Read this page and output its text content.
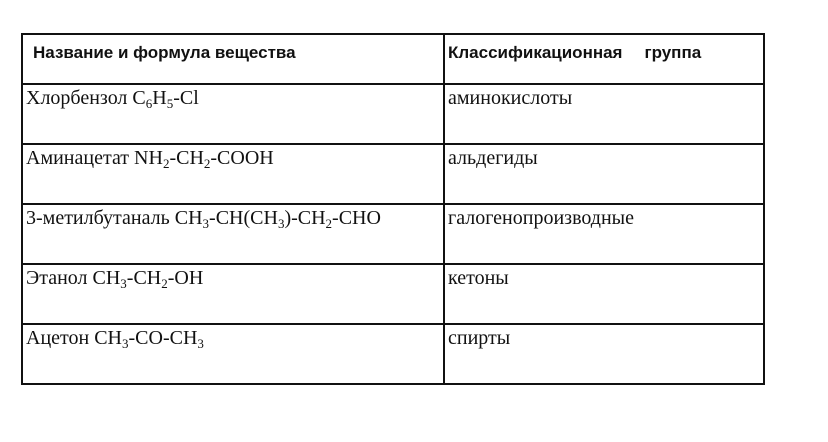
Название и формула вещества	Классификационная группа
Хлорбензол $C_6H_5-Cl$	аминокислоты
Аминацетат $NH_2-CH_2$-COOH	альдегиды
3-метилбутаналь $CH_3-CH(CH_3)-CH_2$-CHO	галогенопроизводные
Этанол $CH_3-CH_2-OH$	кетоны
Ацетон $CH_3-CO-CH_3$	спирты
